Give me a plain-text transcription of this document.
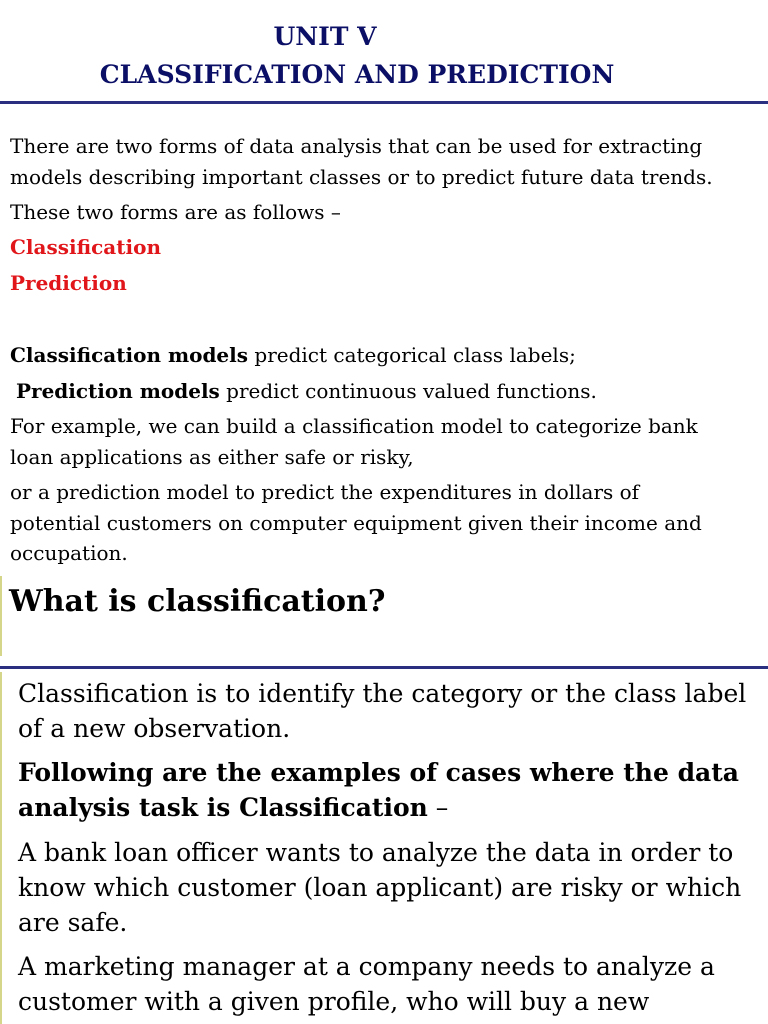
UNIT V
CLASSIFICATION AND PREDICTION

There are two forms of data analysis that can be used for extracting

models describing important classes or to predict future data trends.

These two forms are as follows –

Classification

Prediction

Classification models predict categorical class labels;

Prediction models predict continuous valued functions.

For example, we can build a classification model to categorize bank

loan applications as either safe or risky,

or a prediction model to predict the expenditures in dollars of

potential customers on computer equipment given their income and

occupation.

What is classification?

Classification is to identify the category or the class label

of a new observation.

Following are the examples of cases where the data

analysis task is Classification –

A bank loan officer wants to analyze the data in order to

know which customer (loan applicant) are risky or which

are safe.

A marketing manager at a company needs to analyze a

customer with a given profile, who will buy a new
